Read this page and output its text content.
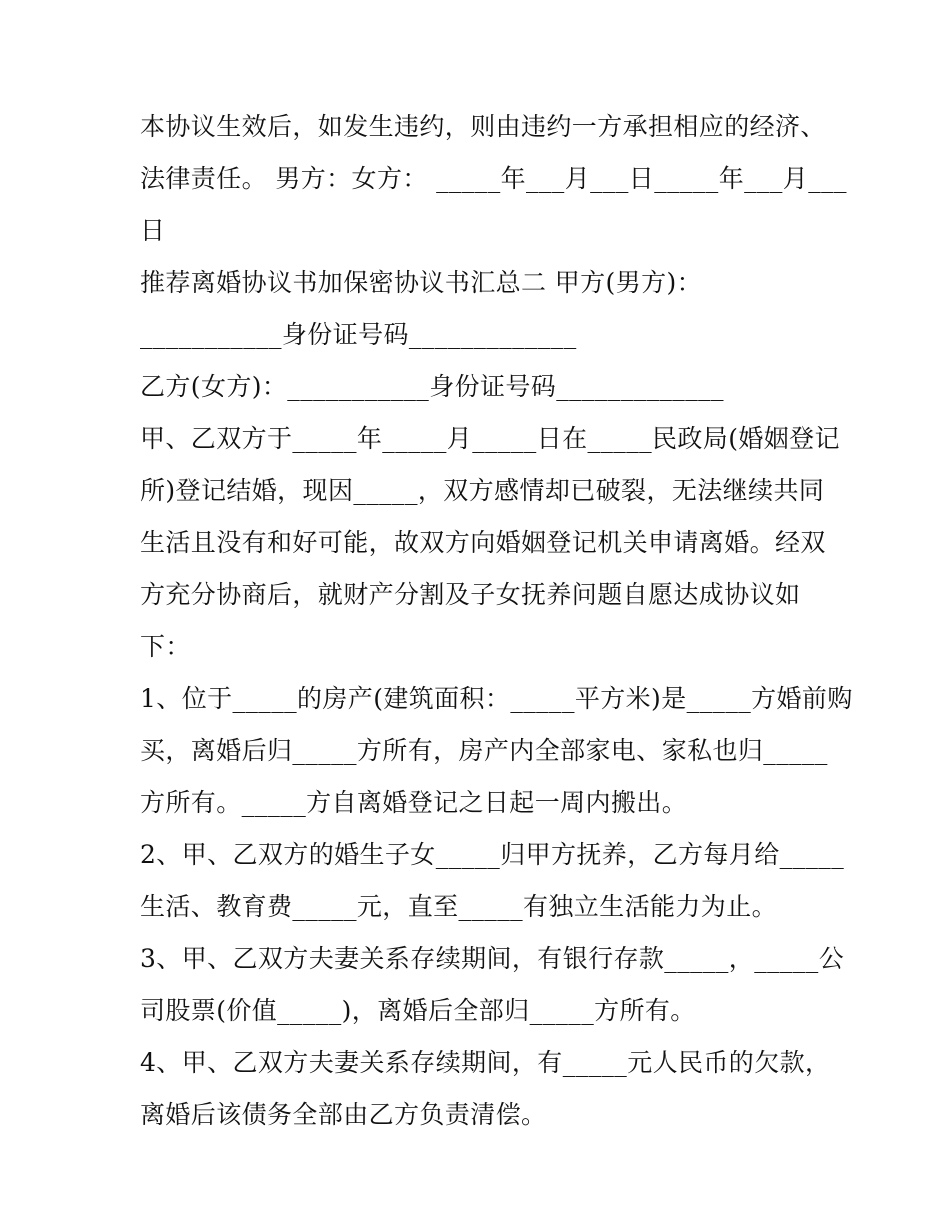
本协议生效后，如发生违约，则由违约一方承担相应的经济、
法律责任。 男方：女方： _____年___月___日_____年___月___
日
推荐离婚协议书加保密协议书汇总二 甲方(男方)：
___________身份证号码_____________
乙方(女方)：___________身份证号码_____________
甲、乙双方于_____年_____月_____日在_____民政局(婚姻登记
所)登记结婚，现因_____，双方感情却已破裂，无法继续共同
生活且没有和好可能，故双方向婚姻登记机关申请离婚。经双
方充分协商后，就财产分割及子女抚养问题自愿达成协议如
下：
1、位于_____的房产(建筑面积：_____平方米)是_____方婚前购
买，离婚后归_____方所有，房产内全部家电、家私也归_____
方所有。_____方自离婚登记之日起一周内搬出。
2、甲、乙双方的婚生子女_____归甲方抚养，乙方每月给_____
生活、教育费_____元，直至_____有独立生活能力为止。
3、甲、乙双方夫妻关系存续期间，有银行存款_____，_____公
司股票(价值_____)，离婚后全部归_____方所有。
4、甲、乙双方夫妻关系存续期间，有_____元人民币的欠款，
离婚后该债务全部由乙方负责清偿。
